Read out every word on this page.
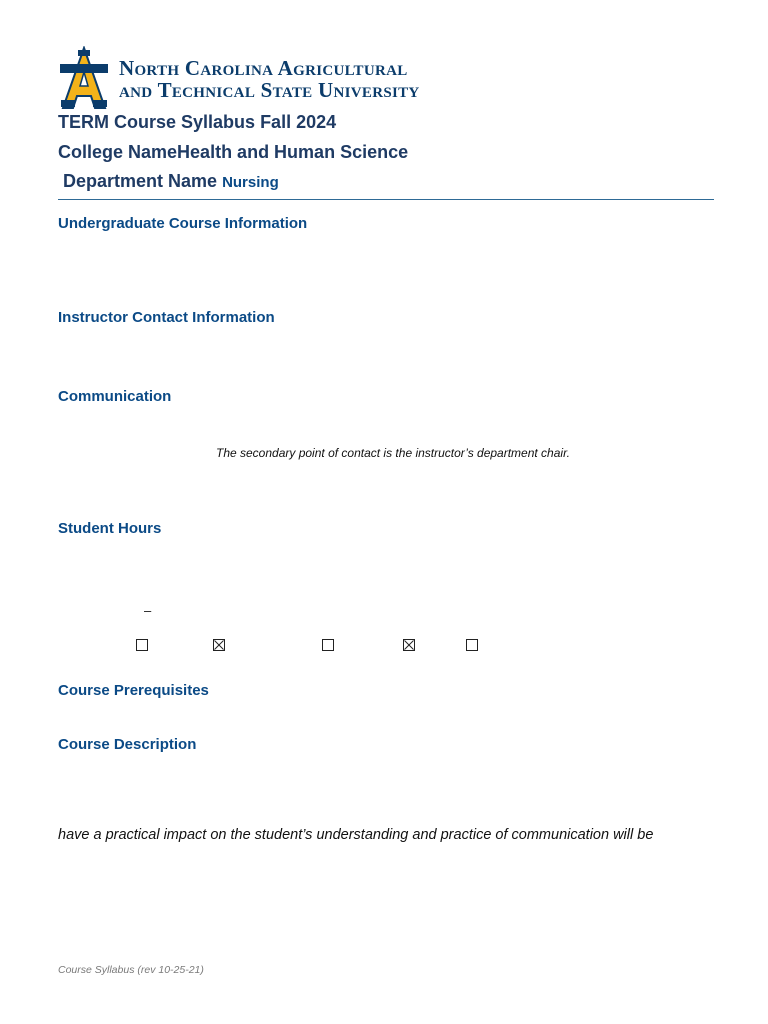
North Carolina Agricultural
and Technical State University
TERM Course Syllabus Fall 2024
College NameHealth and Human Science
Department Name Nursing
Undergraduate Course Information
Instructor Contact Information
Communication
The secondary point of contact is the instructor’s department chair.
Student Hours
–
Course Prerequisites
Course Description
have a practical impact on the student’s understanding and practice of communication will be
Course Syllabus (rev 10-25-21)
